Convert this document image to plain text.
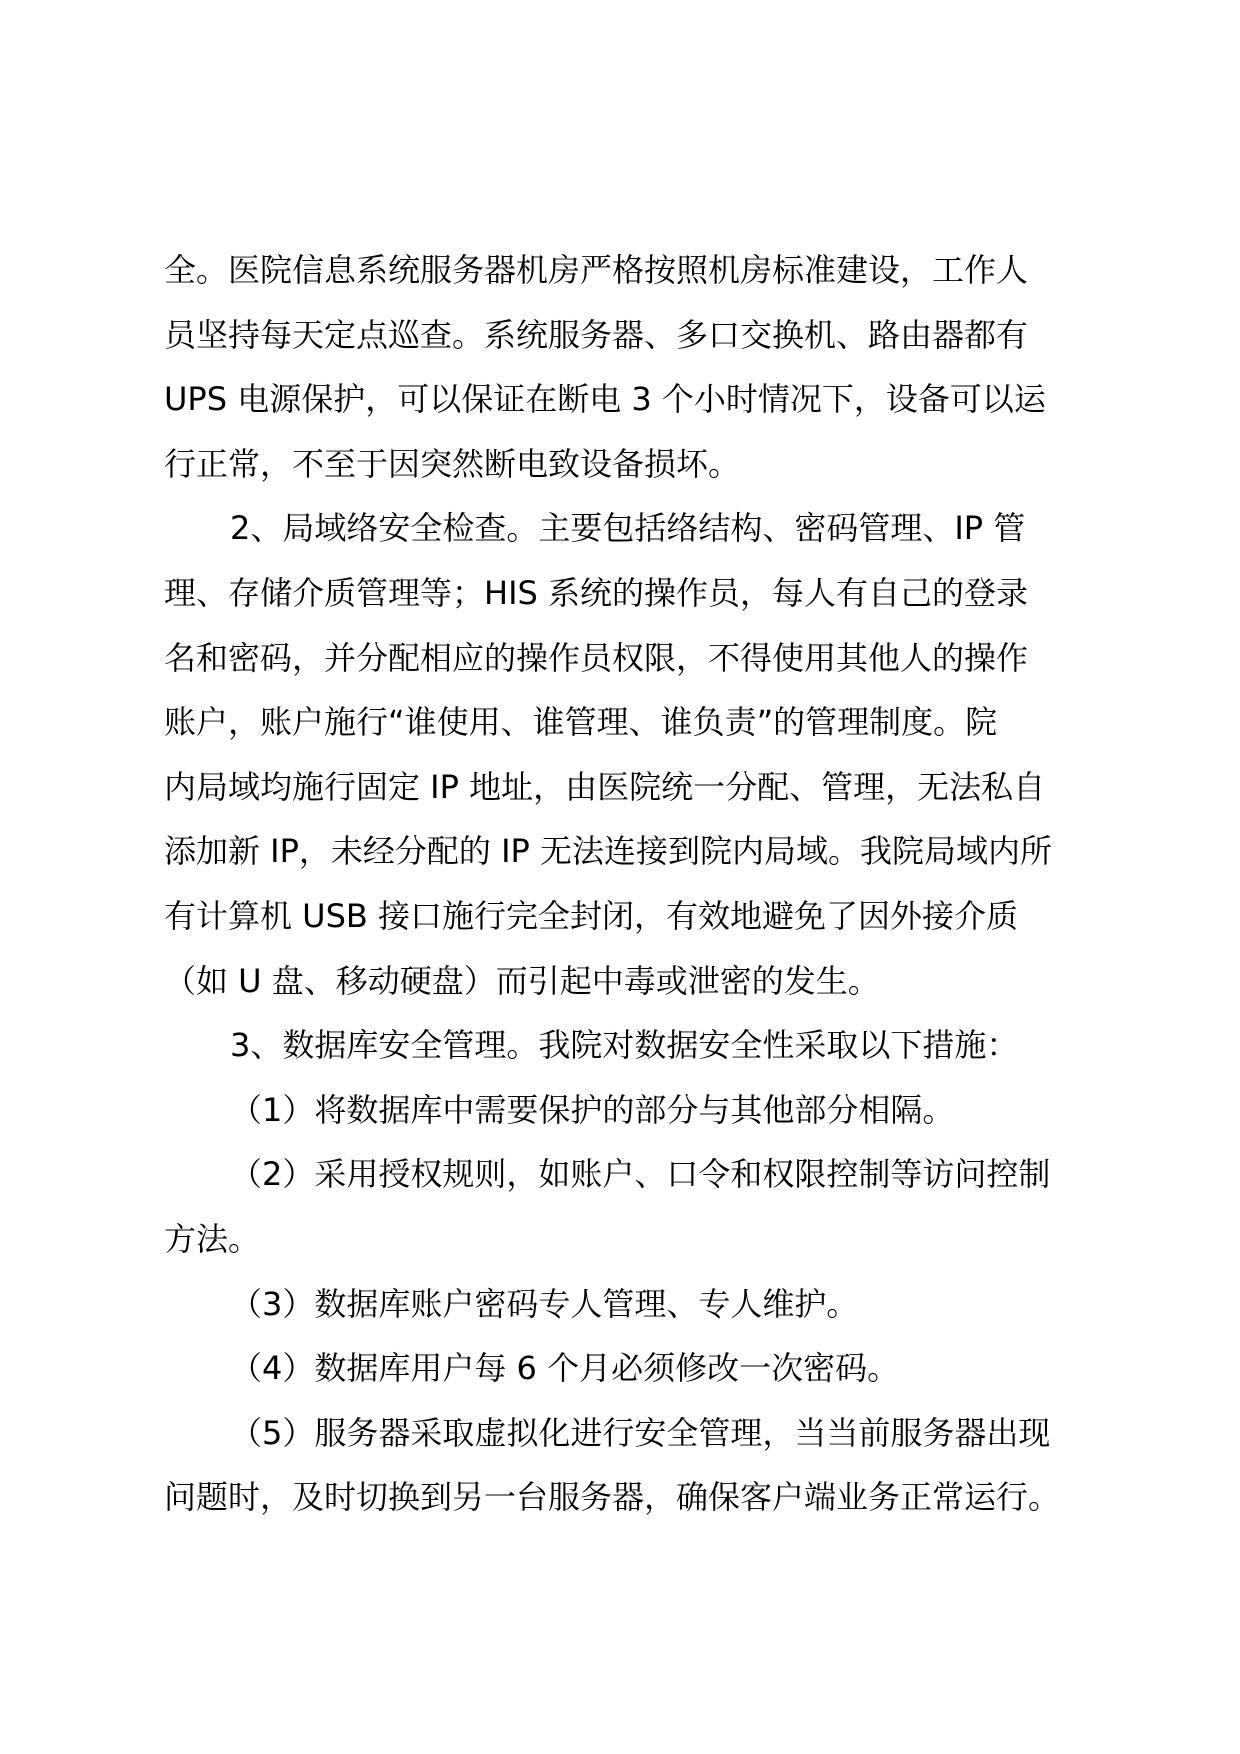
全。医院信息系统服务器机房严格按照机房标准建设，工作人
员坚持每天定点巡查。系统服务器、多口交换机、路由器都有
UPS 电源保护，可以保证在断电 3 个小时情况下，设备可以运
行正常，不至于因突然断电致设备损坏。
2、局域络安全检查。主要包括络结构、密码管理、IP 管
理、存储介质管理等；HIS 系统的操作员，每人有自己的登录
名和密码，并分配相应的操作员权限，不得使用其他人的操作
账户，账户施行“谁使用、谁管理、谁负责”的管理制度。院
内局域均施行固定 IP 地址，由医院统一分配、管理，无法私自
添加新 IP，未经分配的 IP 无法连接到院内局域。我院局域内所
有计算机 USB 接口施行完全封闭，有效地避免了因外接介质
（如 U 盘、移动硬盘）而引起中毒或泄密的发生。
3、数据库安全管理。我院对数据安全性采取以下措施：
（1）将数据库中需要保护的部分与其他部分相隔。
（2）采用授权规则，如账户、口令和权限控制等访问控制
方法。
（3）数据库账户密码专人管理、专人维护。
（4）数据库用户每 6 个月必须修改一次密码。
（5）服务器采取虚拟化进行安全管理，当当前服务器出现
问题时，及时切换到另一台服务器，确保客户端业务正常运行。
